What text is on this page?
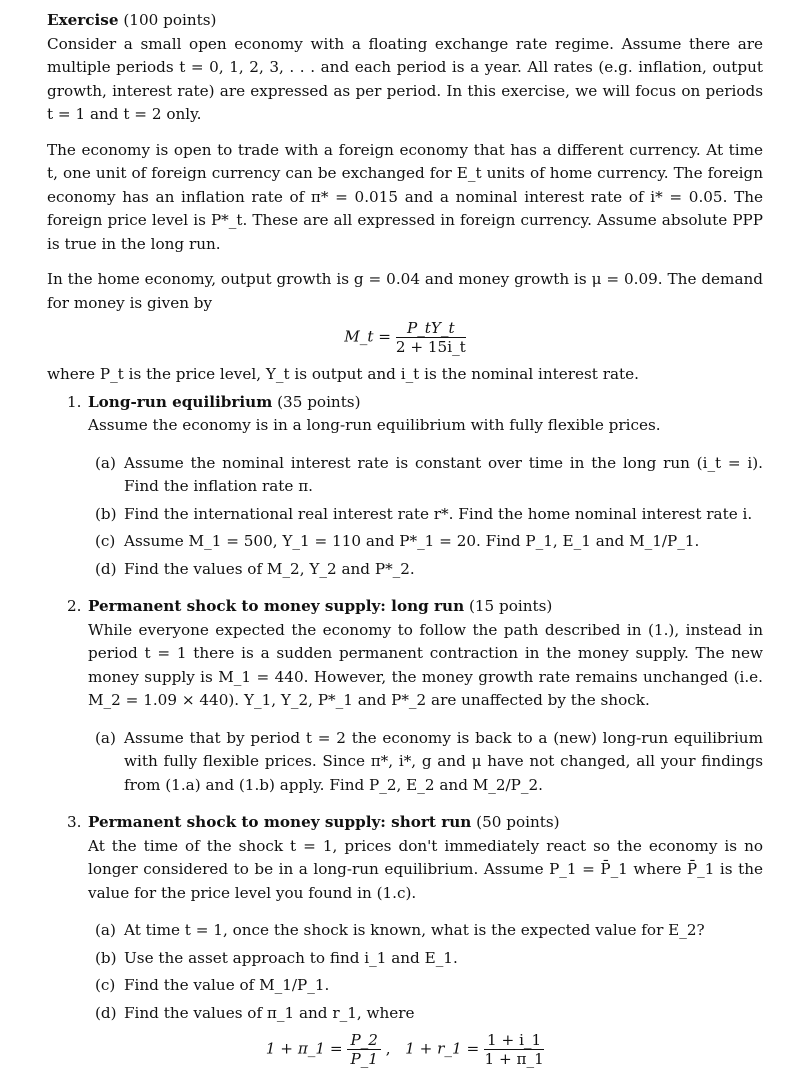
Exercise (100 points)

Consider a small open economy with a floating exchange rate regime. Assume there are multiple periods t = 0, 1, 2, 3, . . . and each period is a year. All rates (e.g. inflation, output growth, interest rate) are expressed as per period. In this exercise, we will focus on periods t = 1 and t = 2 only.

The economy is open to trade with a foreign economy that has a different currency. At time t, one unit of foreign currency can be exchanged for E_t units of home currency. The foreign economy has an inflation rate of π* = 0.015 and a nominal interest rate of i* = 0.05. The foreign price level is P*_t. These are all expressed in foreign currency. Assume absolute PPP is true in the long run.

In the home economy, output growth is g = 0.04 and money growth is μ = 0.09. The demand for money is given by

M_t = $\frac{P\_tY\_t}{2 + 15i\_t}$

where P_t is the price level, Y_t is output and i_t is the nominal interest rate.

1. Long-run equilibrium (35 points)

Assume the economy is in a long-run equilibrium with fully flexible prices.

(a) Assume the nominal interest rate is constant over time in the long run (i_t = i). Find the inflation rate π.

(b) Find the international real interest rate r*. Find the home nominal interest rate i.

(c) Assume M_1 = 500, Y_1 = 110 and P*_1 = 20. Find P_1, E_1 and M_1/P_1.

(d) Find the values of M_2, Y_2 and P*_2.

2. Permanent shock to money supply: long run (15 points)

While everyone expected the economy to follow the path described in (1.), instead in period t = 1 there is a sudden permanent contraction in the money supply. The new money supply is M_1 = 440. However, the money growth rate remains unchanged (i.e. M_2 = 1.09 × 440). Y_1, Y_2, P*_1 and P*_2 are unaffected by the shock.

(a) Assume that by period t = 2 the economy is back to a (new) long-run equilibrium with fully flexible prices. Since π*, i*, g and μ have not changed, all your findings from (1.a) and (1.b) apply. Find P_2, E_2 and M_2/P_2.

3. Permanent shock to money supply: short run (50 points)

At the time of the shock t = 1, prices don't immediately react so the economy is no longer considered to be in a long-run equilibrium. Assume P_1 = P̄_1 where P̄_1 is the value for the price level you found in (1.c).

(a) At time t = 1, once the shock is known, what is the expected value for E_2?

(b) Use the asset approach to find i_1 and E_1.

(c) Find the value of M_1/P_1.

(d) Find the values of π_1 and r_1, where

1 + π_1 = $\frac{P\_2}{P\_1}$ , 1 + r_1 = $\frac{1 + i\_1}{1 + \pi\_1}$
